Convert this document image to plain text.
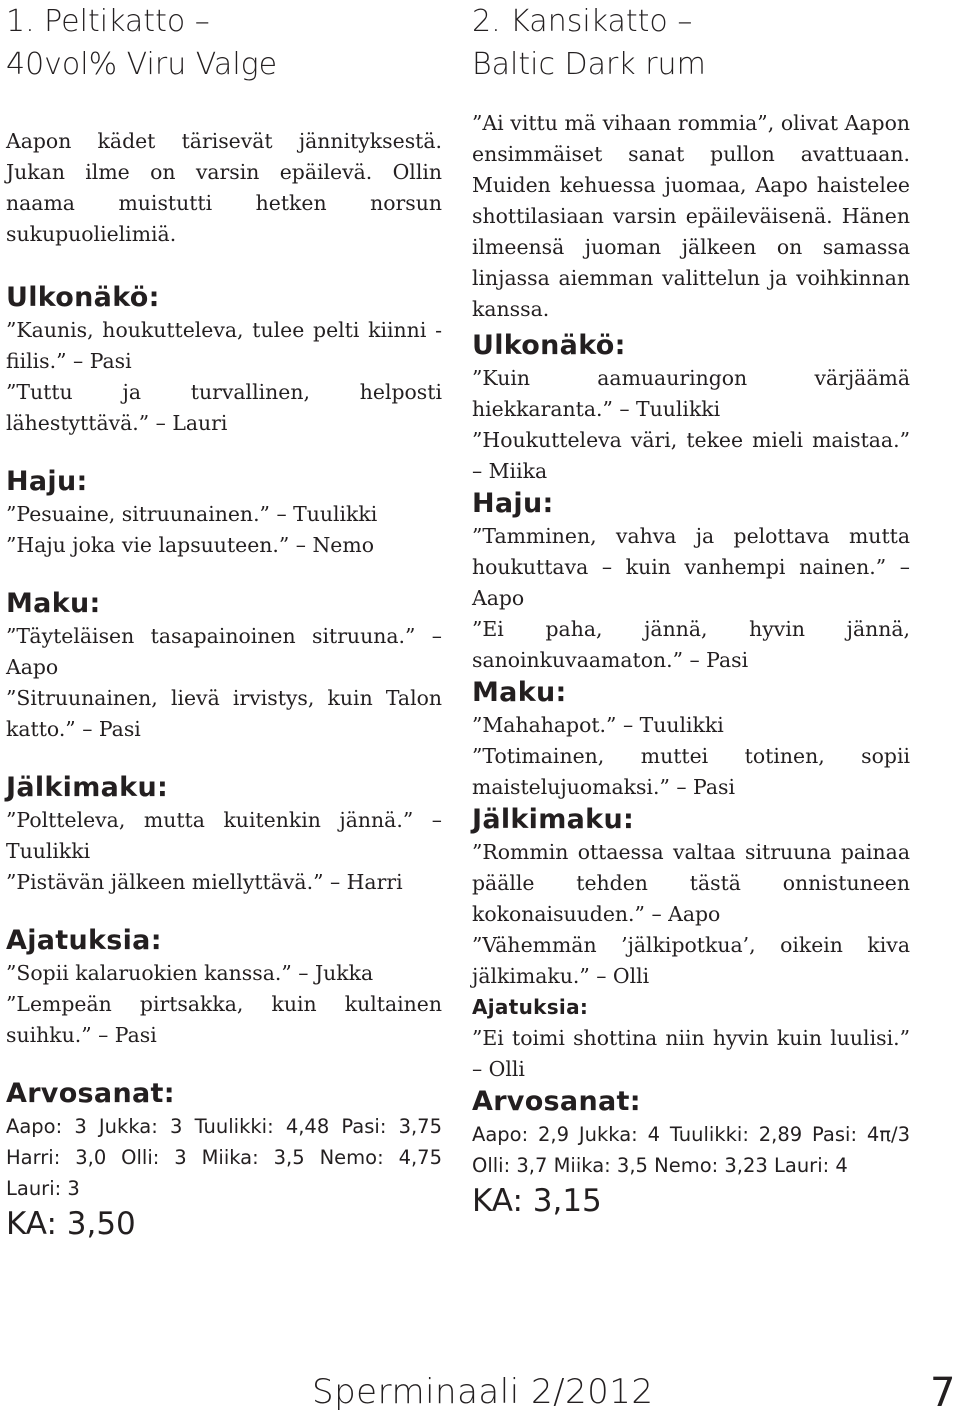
1. Peltikatto –
40vol% Viru Valge

Aapon kädet tärisevät jännityksestä. Jukan ilme on varsin epäilevä. Ollin naama muistutti hetken norsun sukupuolielimiä.

Ulkonäkö:

”Kaunis, houkutteleva, tulee pelti kiinni -fiilis.” – Pasi

”Tuttu ja turvallinen, helposti lähestyttävä.” – Lauri

Haju:

”Pesuaine, sitruunainen.” – Tuulikki

”Haju joka vie lapsuuteen.” – Nemo

Maku:

”Täyteläisen tasapainoinen sitruuna.” – Aapo

”Sitruunainen, lievä irvistys, kuin Talon katto.” – Pasi

Jälkimaku:

”Poltteleva, mutta kuitenkin jännä.” – Tuulikki

”Pistävän jälkeen miellyttävä.” – Harri

Ajatuksia:

”Sopii kalaruokien kanssa.” – Jukka

”Lempeän pirtsakka, kuin kultainen suihku.” – Pasi

Arvosanat:

Aapo: 3 Jukka: 3 Tuulikki: 4,48 Pasi: 3,75 Harri: 3,0 Olli: 3 Miika: 3,5 Nemo: 4,75 Lauri: 3

KA: 3,50

2. Kansikatto –
Baltic Dark rum

”Ai vittu mä vihaan rommia”, olivat Aapon ensimmäiset sanat pullon avattuaan. Muiden kehuessa juomaa, Aapo haistelee shottilasiaan varsin epäileväisenä. Hänen ilmeensä juoman jälkeen on samassa linjassa aiemman valittelun ja voihkinnan kanssa.

Ulkonäkö:

”Kuin aamuauringon värjäämä hiekkaranta.” – Tuulikki

”Houkutteleva väri, tekee mieli maistaa.” – Miika

Haju:

”Tamminen, vahva ja pelottava mutta houkuttava – kuin vanhempi nainen.” – Aapo

”Ei paha, jännä, hyvin jännä, sanoinkuvaamaton.” – Pasi

Maku:

”Mahahapot.” – Tuulikki

”Totimainen, muttei totinen, sopii maistelujuomaksi.” – Pasi

Jälkimaku:

”Rommin ottaessa valtaa sitruuna painaa päälle tehden tästä onnistuneen kokonaisuuden.” – Aapo

”Vähemmän ’jälkipotkua’, oikein kiva jälkimaku.” – Olli

Ajatuksia:

”Ei toimi shottina niin hyvin kuin luulisi.” – Olli

Arvosanat:

Aapo: 2,9 Jukka: 4 Tuulikki: 2,89 Pasi: 4π/3 Olli: 3,7 Miika: 3,5 Nemo: 3,23 Lauri: 4

KA: 3,15

Sperminaali 2/2012	7
